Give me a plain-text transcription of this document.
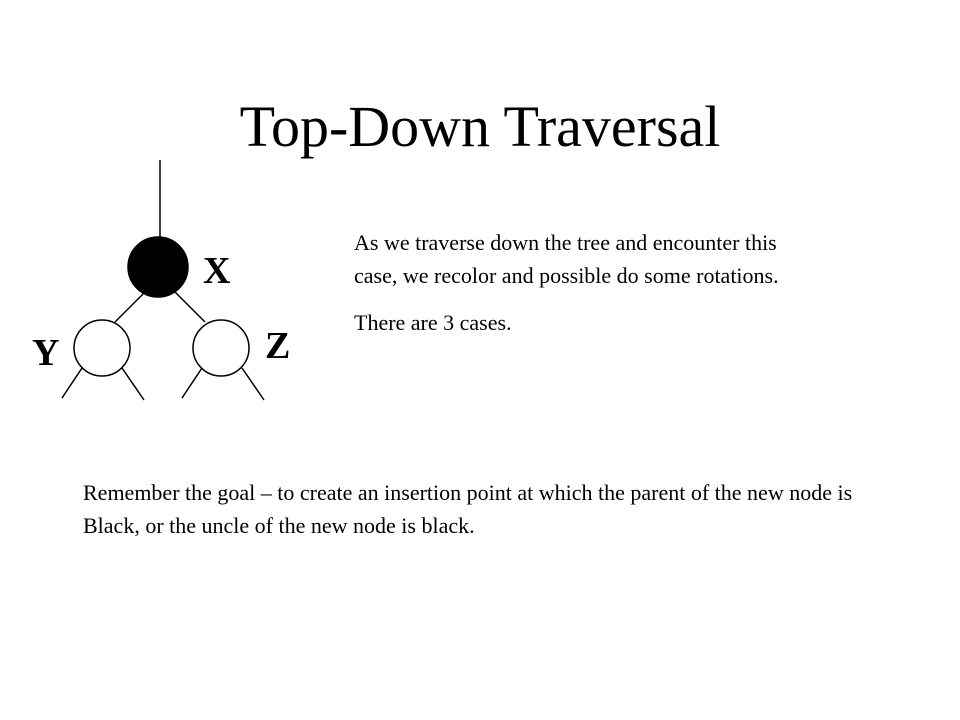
Top-Down Traversal
X
Y	Z

As we traverse down the tree and encounter this case, we recolor and possible do some rotations.

There are 3 cases.

Remember the goal – to create an insertion point at which the parent of the new node is Black, or the uncle of the new node is black.
